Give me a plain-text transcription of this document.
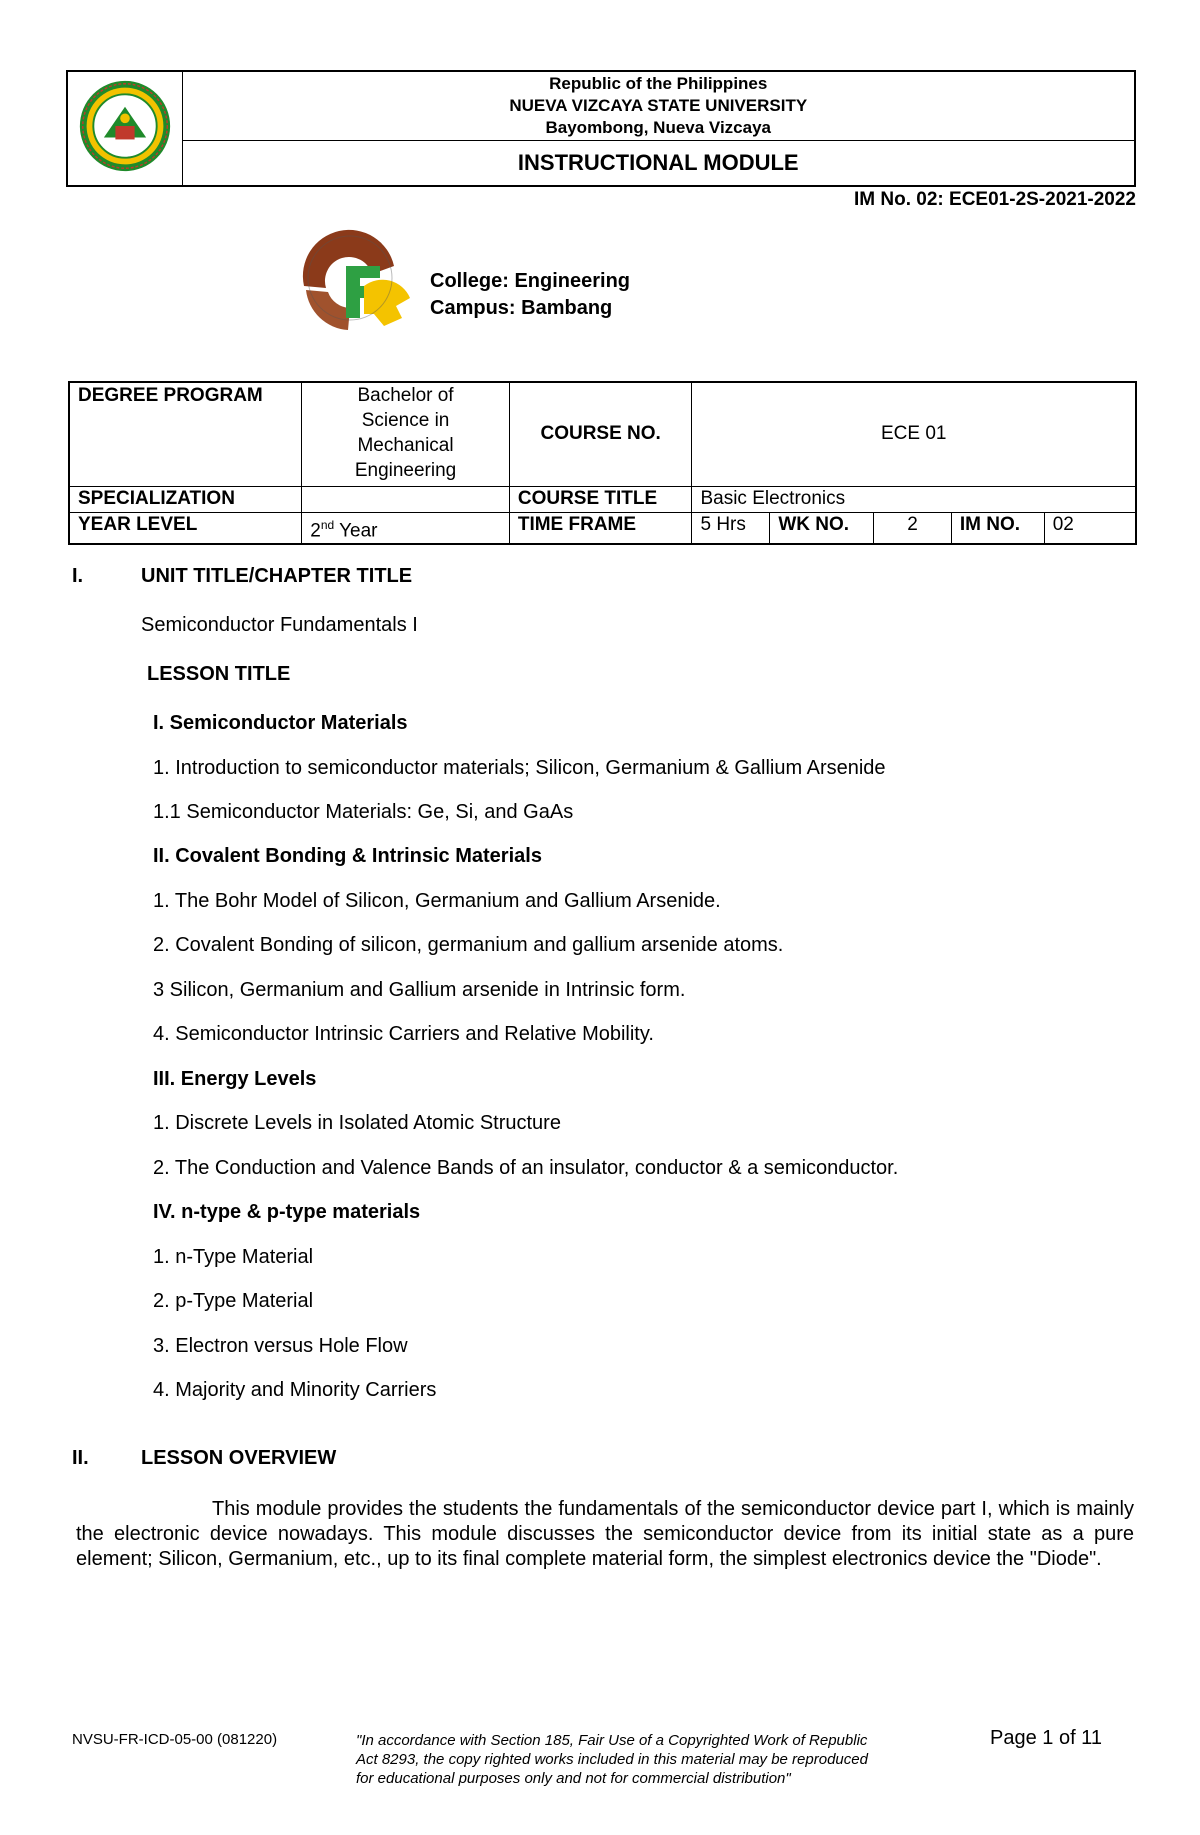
Republic of the Philippines
NUEVA VIZCAYA STATE UNIVERSITY
Bayombong, Nueva Vizcaya

INSTRUCTIONAL MODULE
IM No. 02: ECE01-2S-2021-2022
College: Engineering
Campus: Bambang
DEGREE PROGRAM	Bachelor of
Science in
Mechanical
Engineering	COURSE NO.	ECE 01				
SPECIALIZATION		COURSE TITLE	Basic Electronics				
YEAR LEVEL	2nd Year	TIME FRAME	5 Hrs	WK NO.	2	IM NO.	02
I.	UNIT TITLE/CHAPTER TITLE
Semiconductor Fundamentals I
LESSON TITLE
I. Semiconductor Materials
1. Introduction to semiconductor materials; Silicon, Germanium & Gallium Arsenide
1.1 Semiconductor Materials: Ge, Si, and GaAs
II. Covalent Bonding & Intrinsic Materials
1. The Bohr Model of Silicon, Germanium and Gallium Arsenide.
2. Covalent Bonding of silicon, germanium and gallium arsenide atoms.
3 Silicon, Germanium and Gallium arsenide in Intrinsic form.
4. Semiconductor Intrinsic Carriers and Relative Mobility.
III. Energy Levels
1. Discrete Levels in Isolated Atomic Structure
2. The Conduction and Valence Bands of an insulator, conductor & a semiconductor.
IV. n-type & p-type materials
1. n-Type Material
2. p-Type Material
3. Electron versus Hole Flow
4. Majority and Minority Carriers
II.	LESSON OVERVIEW
This module provides the students the fundamentals of the semiconductor device part I, which is mainly the electronic device nowadays. This module discusses the semiconductor device from its initial state as a pure element; Silicon, Germanium, etc., up to its final complete material form, the simplest electronics device the "Diode".
NVSU-FR-ICD-05-00 (081220)	"In accordance with Section 185, Fair Use of a Copyrighted Work of Republic
Act 8293, the copy righted works included in this material may be reproduced
for educational purposes only and not for commercial distribution"
Page 1 of 11
